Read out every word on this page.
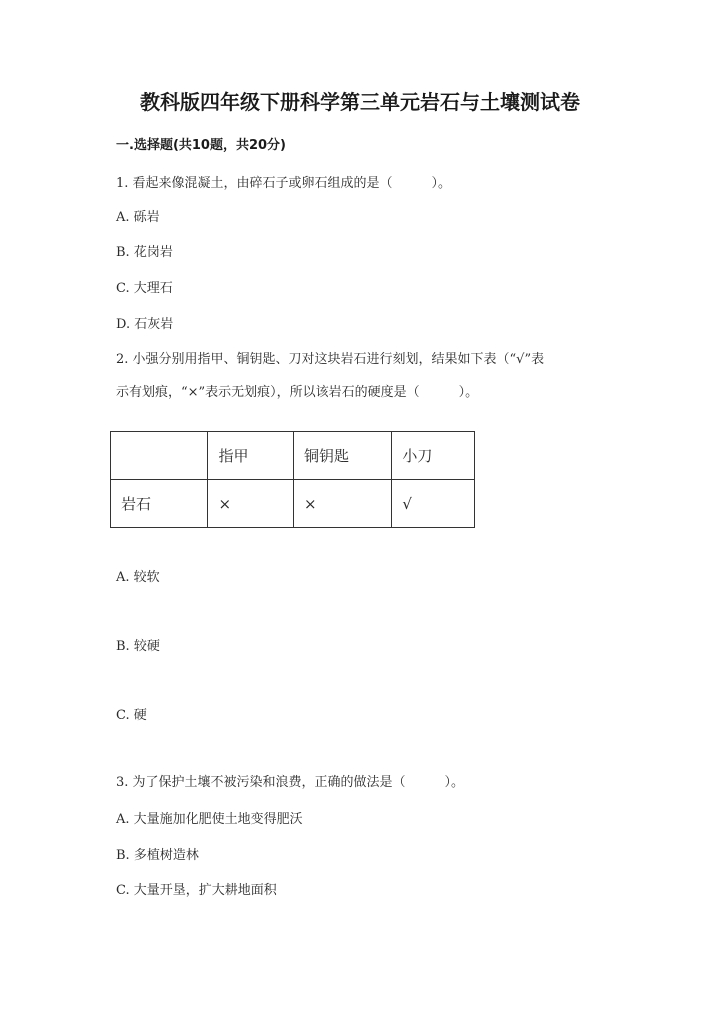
教科版四年级下册科学第三单元岩石与土壤测试卷
一.选择题(共10题，共20分)
1. 看起来像混凝土，由碎石子或卵石组成的是（　　　）。
A. 砾岩
B. 花岗岩
C. 大理石
D. 石灰岩
2. 小强分别用指甲、铜钥匙、刀对这块岩石进行刻划，结果如下表（“√”表
示有划痕，“×”表示无划痕），所以该岩石的硬度是（　　　）。
	指甲	铜钥匙	小刀
岩石	×	×	√
A. 较软
B. 较硬
C. 硬
3. 为了保护土壤不被污染和浪费，正确的做法是（　　　）。
A. 大量施加化肥使土地变得肥沃
B. 多植树造林
C. 大量开垦，扩大耕地面积
